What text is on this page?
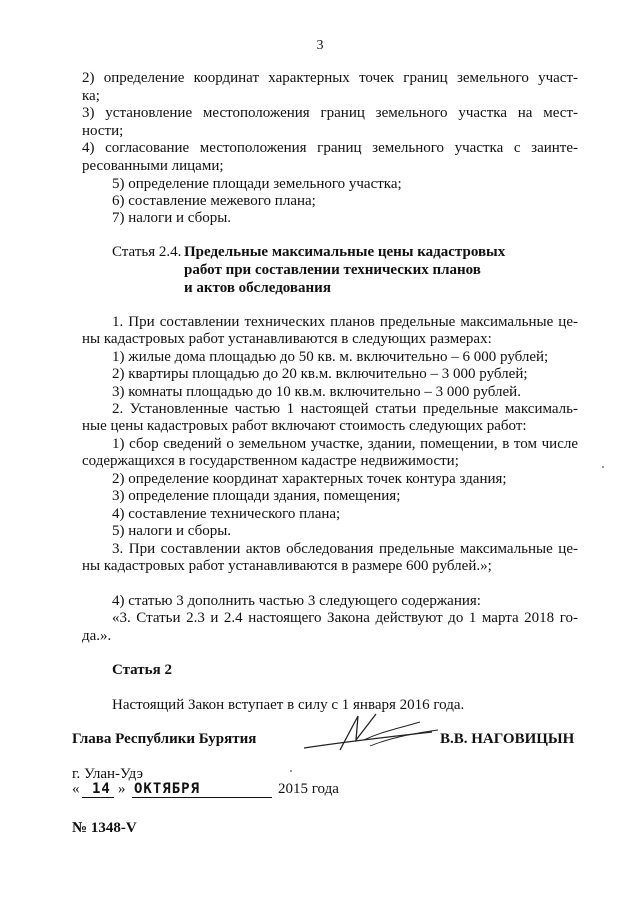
3
2) определение координат характерных точек границ земельного участ-
ка;
3) установление местоположения границ земельного участка на мест-
ности;
4) согласование местоположения границ земельного участка с заинте-
ресованными лицами;
5) определение площади земельного участка;
6) составление межевого плана;
7) налоги и сборы.
Статья 2.4. Предельные максимальные цены кадастровых
работ при составлении технических планов
и актов обследования
1. При составлении технических планов предельные максимальные це-
ны кадастровых работ устанавливаются в следующих размерах:
1) жилые дома площадью до 50 кв. м. включительно – 6 000 рублей;
2) квартиры площадью до 20 кв.м. включительно – 3 000 рублей;
3) комнаты площадью до 10 кв.м. включительно – 3 000 рублей.
2. Установленные частью 1 настоящей статьи предельные максималь-
ные цены кадастровых работ включают стоимость следующих работ:
1) сбор сведений о земельном участке, здании, помещении, в том числе
содержащихся в государственном кадастре недвижимости;
2) определение координат характерных точек контура здания;
3) определение площади здания, помещения;
4) составление технического плана;
5) налоги и сборы.
3. При составлении актов обследования предельные максимальные це-
ны кадастровых работ устанавливаются в размере 600 рублей.»;
4) статью 3 дополнить частью 3 следующего содержания:
«3. Статьи 2.3 и 2.4 настоящего Закона действуют до 1 марта 2018 го-
да.».
Статья 2
Настоящий Закон вступает в силу с 1 января 2016 года.
Глава Республики Бурятия	В.В. НАГОВИЦЫН
г. Улан-Удэ
« 14 » ОКТЯБРЯ	2015 года
№ 1348-V
